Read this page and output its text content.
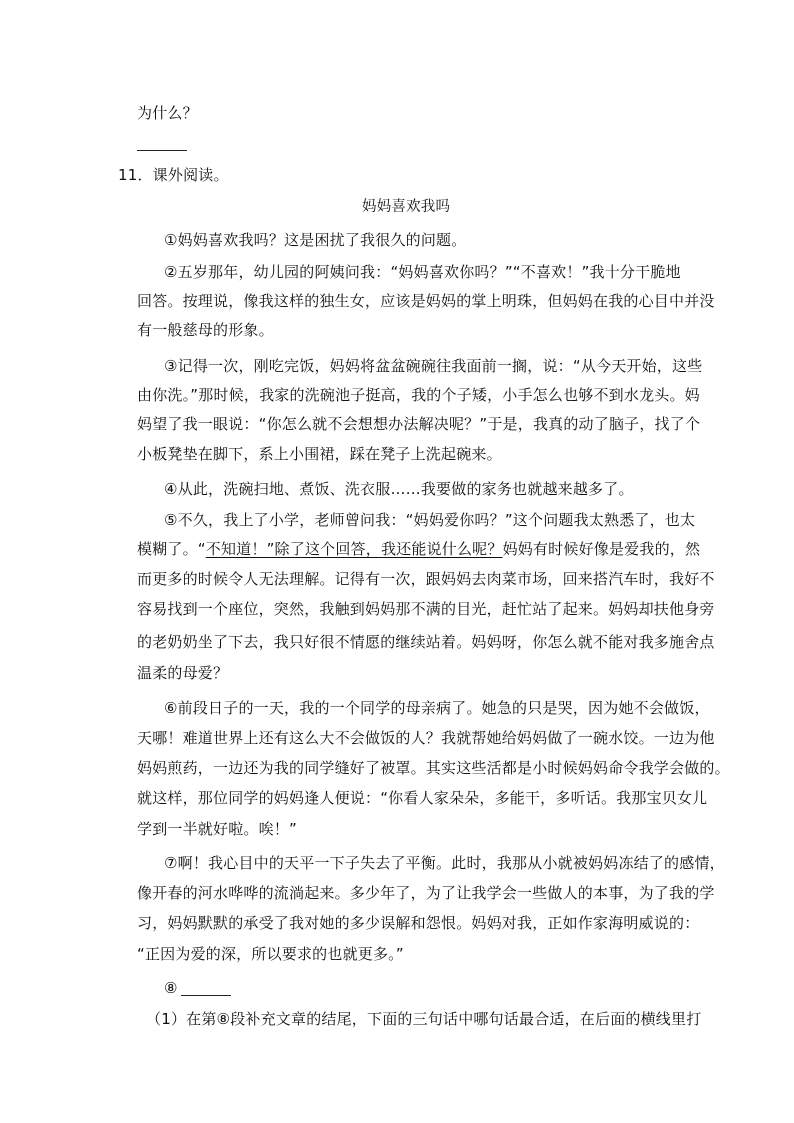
为什么？
11．课外阅读。
妈妈喜欢我吗
①妈妈喜欢我吗？这是困扰了我很久的问题。
②五岁那年，幼儿园的阿姨问我：“妈妈喜欢你吗？”“不喜欢！”我十分干脆地
回答。按理说，像我这样的独生女，应该是妈妈的掌上明珠，但妈妈在我的心目中并没
有一般慈母的形象。
③记得一次，刚吃完饭，妈妈将盆盆碗碗往我面前一搁，说：“从今天开始，这些
由你洗。”那时候，我家的洗碗池子挺高，我的个子矮，小手怎么也够不到水龙头。妈
妈望了我一眼说：“你怎么就不会想想办法解决呢？”于是，我真的动了脑子，找了个
小板凳垫在脚下，系上小围裙，踩在凳子上洗起碗来。
④从此，洗碗扫地、煮饭、洗衣服……我要做的家务也就越来越多了。
⑤不久，我上了小学，老师曾问我：“妈妈爱你吗？”这个问题我太熟悉了，也太
模糊了。“不知道！”除了这个回答，我还能说什么呢？妈妈有时候好像是爱我的，然
而更多的时候令人无法理解。记得有一次，跟妈妈去肉菜市场，回来搭汽车时，我好不
容易找到一个座位，突然，我触到妈妈那不满的目光，赶忙站了起来。妈妈却扶他身旁
的老奶奶坐了下去，我只好很不情愿的继续站着。妈妈呀，你怎么就不能对我多施舍点
温柔的母爱？
⑥前段日子的一天，我的一个同学的母亲病了。她急的只是哭，因为她不会做饭，
天哪！难道世界上还有这么大不会做饭的人？我就帮她给妈妈做了一碗水饺。一边为他
妈妈煎药，一边还为我的同学缝好了被罩。其实这些活都是小时候妈妈命令我学会做的。
就这样，那位同学的妈妈逢人便说：“你看人家朵朵，多能干，多听话。我那宝贝女儿
学到一半就好啦。唉！”
⑦啊！我心目中的天平一下子失去了平衡。此时，我那从小就被妈妈冻结了的感情，
像开春的河水哗哗的流淌起来。多少年了，为了让我学会一些做人的本事，为了我的学
习，妈妈默默的承受了我对她的多少误解和怨恨。妈妈对我，正如作家海明威说的：
“正因为爱的深，所以要求的也就更多。”
⑧
（1）在第⑧段补充文章的结尾，下面的三句话中哪句话最合适，在后面的横线里打
